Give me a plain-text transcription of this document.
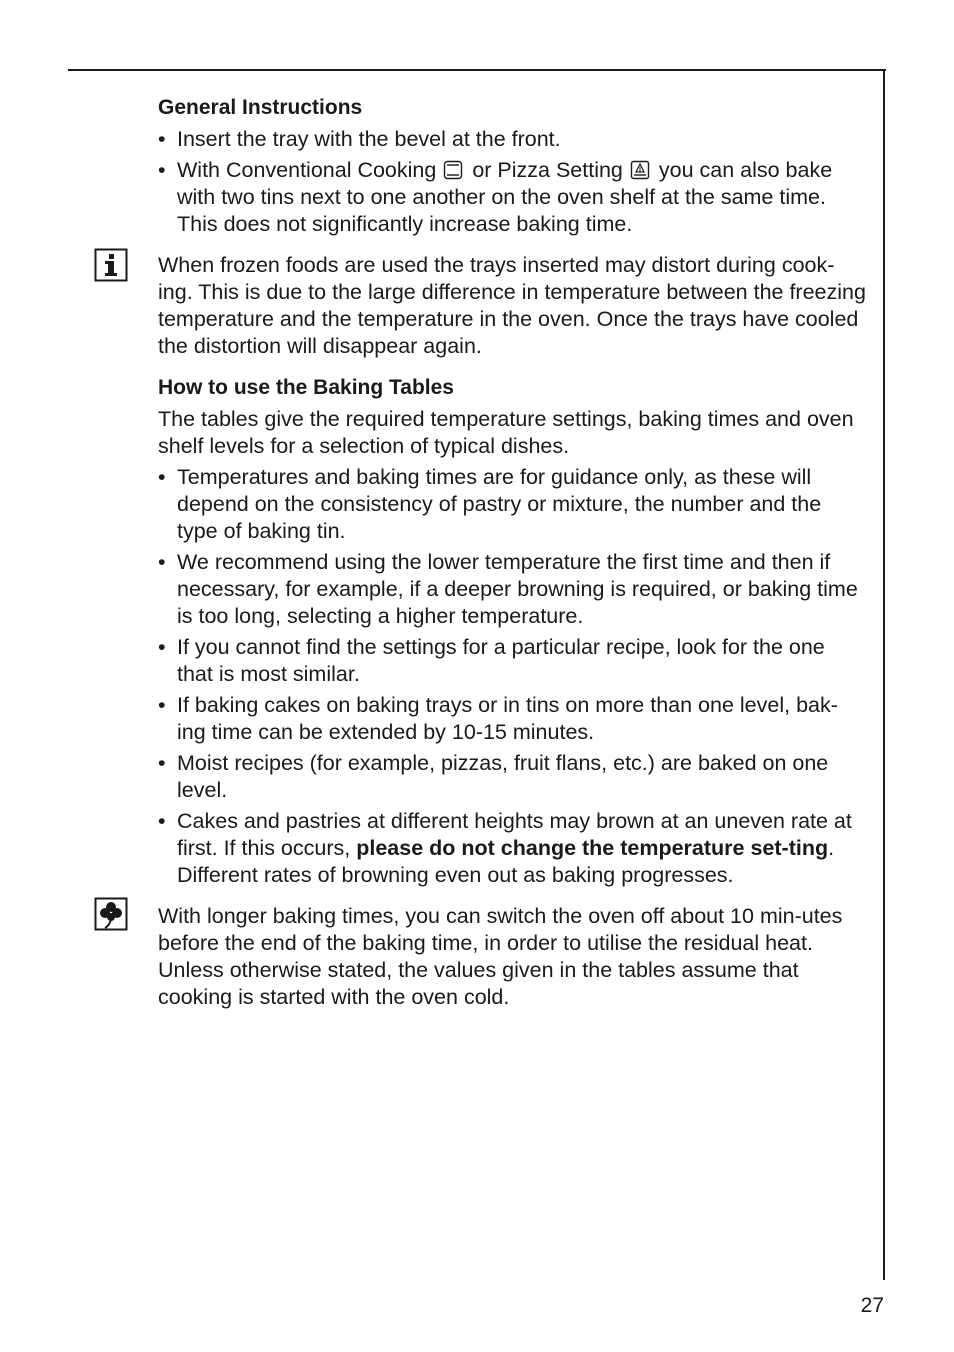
General Instructions
• Insert the tray with the bevel at the front.
• With Conventional Cooking or Pizza Setting you can also bake with two tins next to one another on the oven shelf at the same time. This does not significantly increase baking time.

When frozen foods are used the trays inserted may distort during cook-ing. This is due to the large difference in temperature between the freezing temperature and the temperature in the oven. Once the trays have cooled the distortion will disappear again.

How to use the Baking Tables

The tables give the required temperature settings, baking times and oven shelf levels for a selection of typical dishes.

• Temperatures and baking times are for guidance only, as these will depend on the consistency of pastry or mixture, the number and the type of baking tin.
• We recommend using the lower temperature the first time and then if necessary, for example, if a deeper browning is required, or baking time is too long, selecting a higher temperature.
• If you cannot find the settings for a particular recipe, look for the one that is most similar.
• If baking cakes on baking trays or in tins on more than one level, bak-ing time can be extended by 10-15 minutes.
• Moist recipes (for example, pizzas, fruit flans, etc.) are baked on one level.
• Cakes and pastries at different heights may brown at an uneven rate at first. If this occurs, please do not change the temperature set-ting. Different rates of browning even out as baking progresses.

With longer baking times, you can switch the oven off about 10 min-utes before the end of the baking time, in order to utilise the residual heat.

Unless otherwise stated, the values given in the tables assume that cooking is started with the oven cold.

27
